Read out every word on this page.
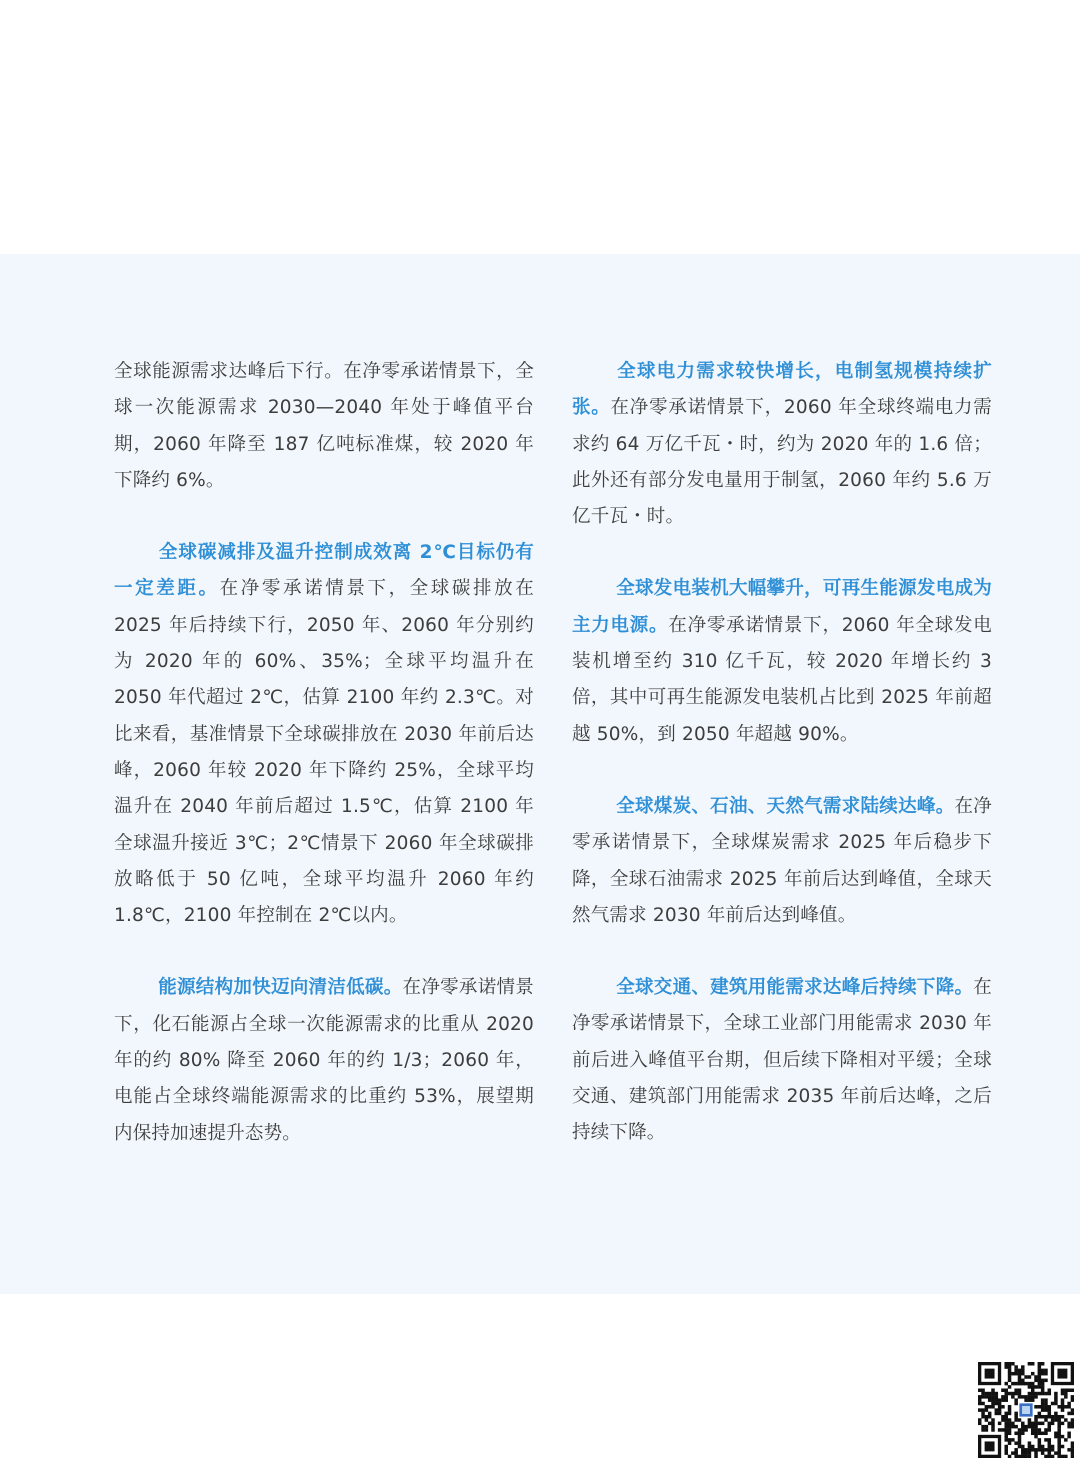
全球能源需求达峰后下行。在净零承诺情景下，全球一次能源需求 2030—2040 年处于峰值平台期，2060 年降至 187 亿吨标准煤，较 2020 年下降约 6%。

全球碳减排及温升控制成效离 2℃目标仍有一定差距。在净零承诺情景下，全球碳排放在 2025 年后持续下行，2050 年、2060 年分别约为 2020 年的 60%、35%；全球平均温升在 2050 年代超过 2℃，估算 2100 年约 2.3℃。对比来看，基准情景下全球碳排放在 2030 年前后达峰，2060 年较 2020 年下降约 25%，全球平均温升在 2040 年前后超过 1.5℃，估算 2100 年全球温升接近 3℃；2℃情景下 2060 年全球碳排放略低于 50 亿吨，全球平均温升 2060 年约 1.8℃，2100 年控制在 2℃以内。

能源结构加快迈向清洁低碳。在净零承诺情景下，化石能源占全球一次能源需求的比重从 2020 年的约 80% 降至 2060 年的约 1/3；2060 年，电能占全球终端能源需求的比重约 53%，展望期内保持加速提升态势。

全球电力需求较快增长，电制氢规模持续扩张。在净零承诺情景下，2060 年全球终端电力需求约 64 万亿千瓦・时，约为 2020 年的 1.6 倍；此外还有部分发电量用于制氢，2060 年约 5.6 万亿千瓦・时。

全球发电装机大幅攀升，可再生能源发电成为主力电源。在净零承诺情景下，2060 年全球发电装机增至约 310 亿千瓦，较 2020 年增长约 3 倍，其中可再生能源发电装机占比到 2025 年前超越 50%，到 2050 年超越 90%。

全球煤炭、石油、天然气需求陆续达峰。在净零承诺情景下，全球煤炭需求 2025 年后稳步下降，全球石油需求 2025 年前后达到峰值，全球天然气需求 2030 年前后达到峰值。

全球交通、建筑用能需求达峰后持续下降。在净零承诺情景下，全球工业部门用能需求 2030 年前后进入峰值平台期，但后续下降相对平缓；全球交通、建筑部门用能需求 2035 年前后达峰，之后持续下降。
